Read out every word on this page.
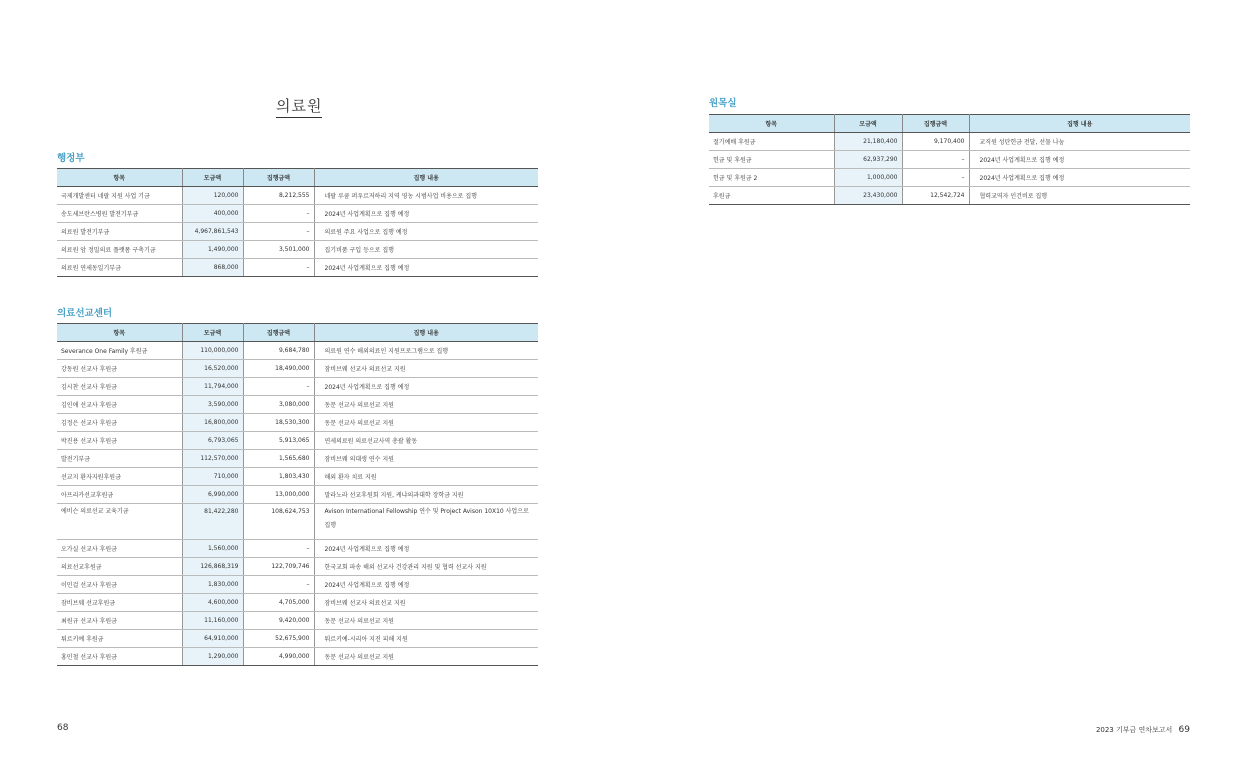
의료원
행정부
항목	모금액	집행금액	집행 내용
국제개발센터 네팔 지원 사업 기금	120,000	8,212,555	네팔 루쿰 퍼우르저하리 지역 영농 시범사업 비용으로 집행
송도세브란스병원 발전기부금	400,000	–	2024년 사업계획으로 집행 예정
의료원 발전기부금	4,967,861,543	–	의료원 주요 사업으로 집행 예정
의료원 암 정밀의료 플랫폼 구축기금	1,490,000	3,501,000	집기비품 구입 등으로 집행
의료원 연세동일기부금	868,000	–	2024년 사업계획으로 집행 예정
의료선교센터
항목	모금액	집행금액	집행 내용
Severance One Family 후원금	110,000,000	9,684,780	의료원 연수 해외의료인 지원프로그램으로 집행
강동원 선교사 후원금	16,520,000	18,490,000	잠비브웨 선교사 의료선교 지원
김시찬 선교사 후원금	11,794,000	–	2024년 사업계획으로 집행 예정
김인애 선교사 후원금	3,590,000	3,080,000	동문 선교사 의료선교 지원
김정은 선교사 후원금	16,800,000	18,530,300	동문 선교사 의료선교 지원
박진용 선교사 후원금	6,793,065	5,913,065	연세의료원 의료선교사역 총괄 활동
발전기부금	112,570,000	1,565,680	잠비브웨 의대생 연수 지원
선교지 환자지원후원금	710,000	1,803,430	해외 환자 치료 지원
아프리카선교후원금	6,990,000	13,000,000	말라노라 선교후원회 지원, 케냐의과대학 장학금 지원
에비슨 의료선교 교육기금	81,422,280	108,624,753	Avison International Fellowship 연수 및 Project Avison 10X10 사업으로 집행
오가실 선교사 후원금	1,560,000	–	2024년 사업계획으로 집행 예정
의료선교후원금	126,868,319	122,709,746	한국교회 파송 해외 선교사 건강관리 지원 및 협력 선교사 지원
이민걸 선교사 후원금	1,830,000	–	2024년 사업계획으로 집행 예정
잠비브웨 선교후원금	4,600,000	4,705,000	잠비브웨 선교사 의료선교 지원
최원규 선교사 후원금	11,160,000	9,420,000	동문 선교사 의료선교 지원
튀르키예 후원금	64,910,000	52,675,900	튀르키예-시리아 지진 피해 지원
홍민철 선교사 후원금	1,290,000	4,990,000	동문 선교사 의료선교 지원
원목실
항목	모금액	집행금액	집행 내용
절기예배 후원금	21,180,400	9,170,400	교직원 성탄헌금 전달, 선물 나눔
헌금 및 후원금	62,937,290	–	2024년 사업계획으로 집행 예정
헌금 및 후원금 2	1,000,000	–	2024년 사업계획으로 집행 예정
후원금	23,430,000	12,542,724	협력교역자 인건비로 집행
68	2023 기부금 연차보고서 69
